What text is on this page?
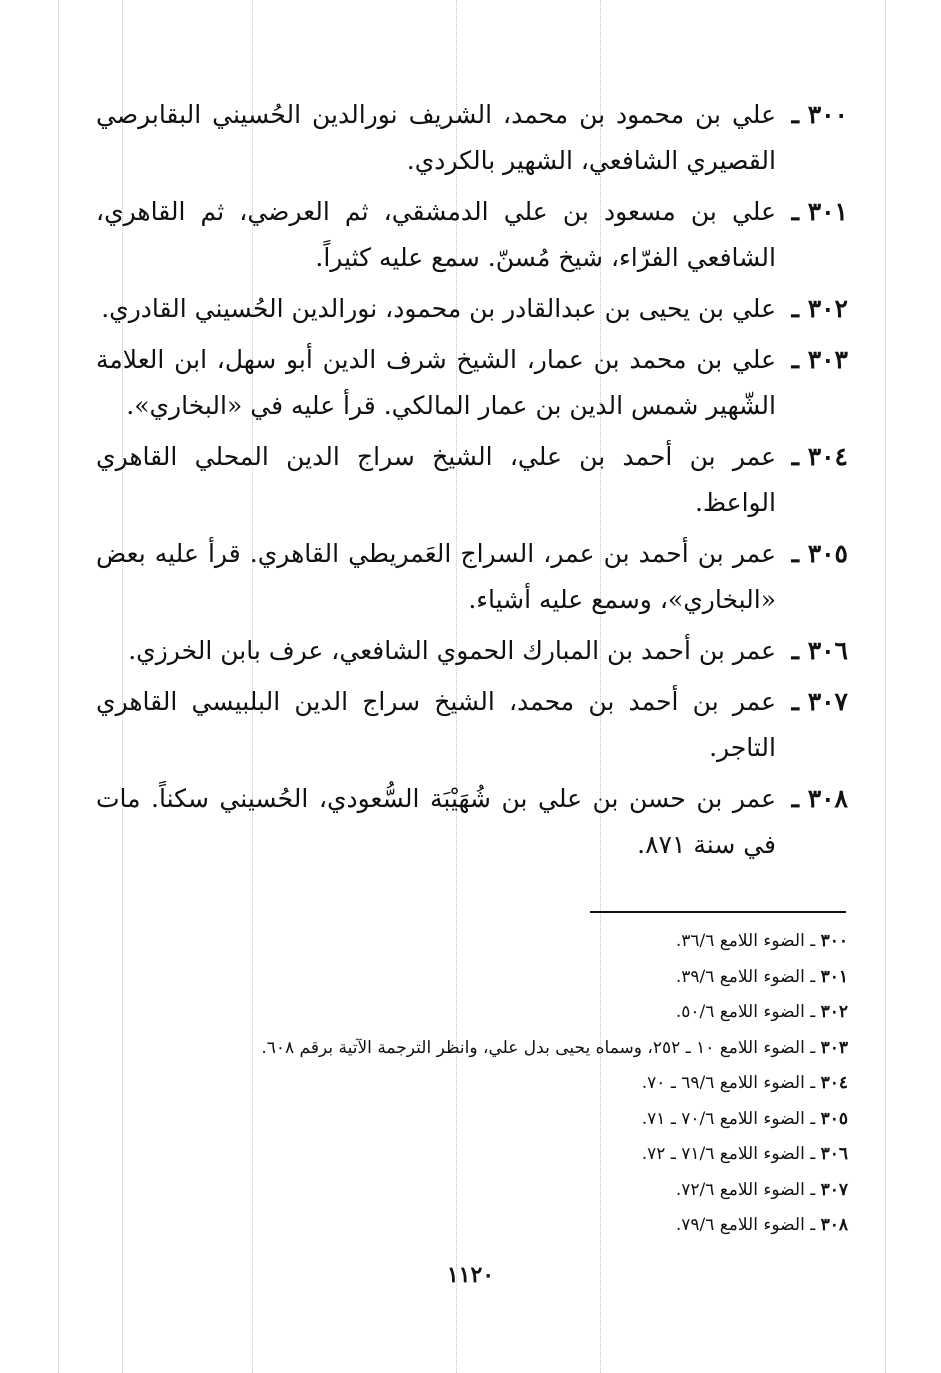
٣٠٠ ـ
علي بن محمود بن محمد، الشريف نورالدين الحُسيني البقابرصي القصيري الشافعي، الشهير بالكردي.
٣٠١ ـ
علي بن مسعود بن علي الدمشقي، ثم العرضي، ثم القاهري، الشافعي الفرّاء، شيخ مُسنّ. سمع عليه كثيراً.
٣٠٢ ـ
علي بن يحيى بن عبدالقادر بن محمود، نورالدين الحُسيني القادري.
٣٠٣ ـ
علي بن محمد بن عمار، الشيخ شرف الدين أبو سهل، ابن العلامة الشّهير شمس الدين بن عمار المالكي. قرأ عليه في «البخاري».
٣٠٤ ـ
عمر بن أحمد بن علي، الشيخ سراج الدين المحلي القاهري الواعظ.
٣٠٥ ـ
عمر بن أحمد بن عمر، السراج العَمريطي القاهري. قرأ عليه بعض «البخاري»، وسمع عليه أشياء.
٣٠٦ ـ
عمر بن أحمد بن المبارك الحموي الشافعي، عرف بابن الخرزي.
٣٠٧ ـ
عمر بن أحمد بن محمد، الشيخ سراج الدين البلبيسي القاهري التاجر.
٣٠٨ ـ
عمر بن حسن بن علي بن شُهَيْبَة السُّعودي، الحُسيني سكناً. مات في سنة ٨٧١.
٣٠٠ ـ الضوء اللامع ٣٦/٦.
٣٠١ ـ الضوء اللامع ٣٩/٦.
٣٠٢ ـ الضوء اللامع ٥٠/٦.
٣٠٣ ـ الضوء اللامع ١٠ ـ ٢٥٢، وسماه يحيى بدل علي، وانظر الترجمة الآتية برقم ٦٠٨.
٣٠٤ ـ الضوء اللامع ٦٩/٦ ـ ٧٠.
٣٠٥ ـ الضوء اللامع ٧٠/٦ ـ ٧١.
٣٠٦ ـ الضوء اللامع ٧١/٦ ـ ٧٢.
٣٠٧ ـ الضوء اللامع ٧٢/٦.
٣٠٨ ـ الضوء اللامع ٧٩/٦.
١١٢٠
